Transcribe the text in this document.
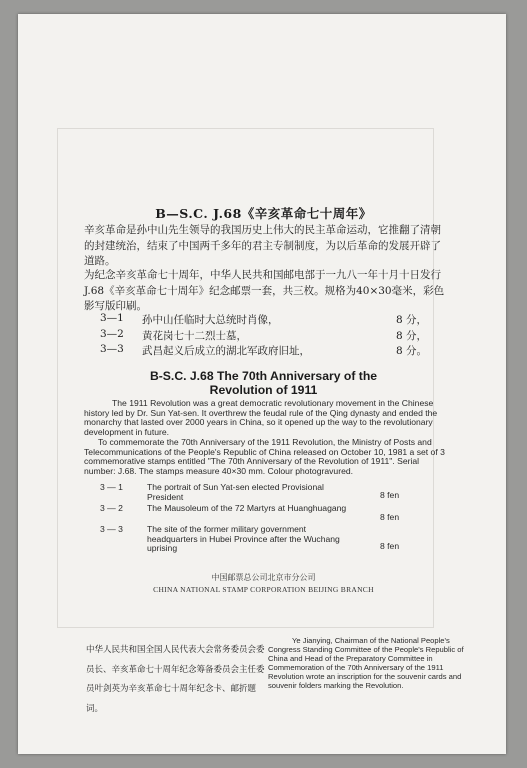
B—S.C. J.68《辛亥革命七十周年》

辛亥革命是孙中山先生领导的我国历史上伟大的民主革命运动，它推翻了清朝的封建统治，结束了中国两千多年的君主专制制度，为以后革命的发展开辟了道路。

为纪念辛亥革命七十周年，中华人民共和国邮电部于一九八一年十月十日发行 J.68《辛亥革命七十周年》纪念邮票一套，共三枚。规格为40×30毫米，彩色影写版印刷。

3—1 孙中山任临时大总统时肖像，	8 分，
3—2 黄花岗七十二烈士墓，	8 分，
3—3 武昌起义后成立的湖北军政府旧址，	8 分。
B-S.C. J.68 The 70th Anniversary of the
Revolution of 1911

The 1911 Revolution was a great democratic revolutionary movement in the Chinese history led by Dr. Sun Yat-sen. It overthrew the feudal rule of the Qing dynasty and ended the monarchy that lasted over 2000 years in China, so it opened up the way to the revolutionary development in future.

To commemorate the 70th Anniversary of the 1911 Revolution, the Ministry of Posts and Telecommunications of the People's Republic of China released on October 10, 1981 a set of 3 commemorative stamps entitled "The 70th Anniversary of the Revolution of 1911". Serial number: J.68. The stamps measure 40×30 mm. Colour photogravured.

3 — 1	The portrait of Sun Yat-sen elected Provisional President	8 fen
3 — 2	The Mausoleum of the 72 Martyrs at Huanghuagang
8 fen
3 — 3	The site of the former military government headquarters in Hubei Province after the Wuchang uprising	8 fen
中国邮票总公司北京市分公司
CHINA NATIONAL STAMP CORPORATION BEIJING BRANCH

中华人民共和国全国人民代表大会常务委员会委员长、辛亥革命七十周年纪念筹备委员会主任委员叶剑英为辛亥革命七十周年纪念卡、邮折题词。

Ye Jianying, Chairman of the National People's Congress Standing Committee of the People's Republic of China and Head of the Preparatory Committee in Commemoration of the 70th Anniversary of the 1911 Revolution wrote an inscription for the souvenir cards and souvenir folders marking the Revolution.
